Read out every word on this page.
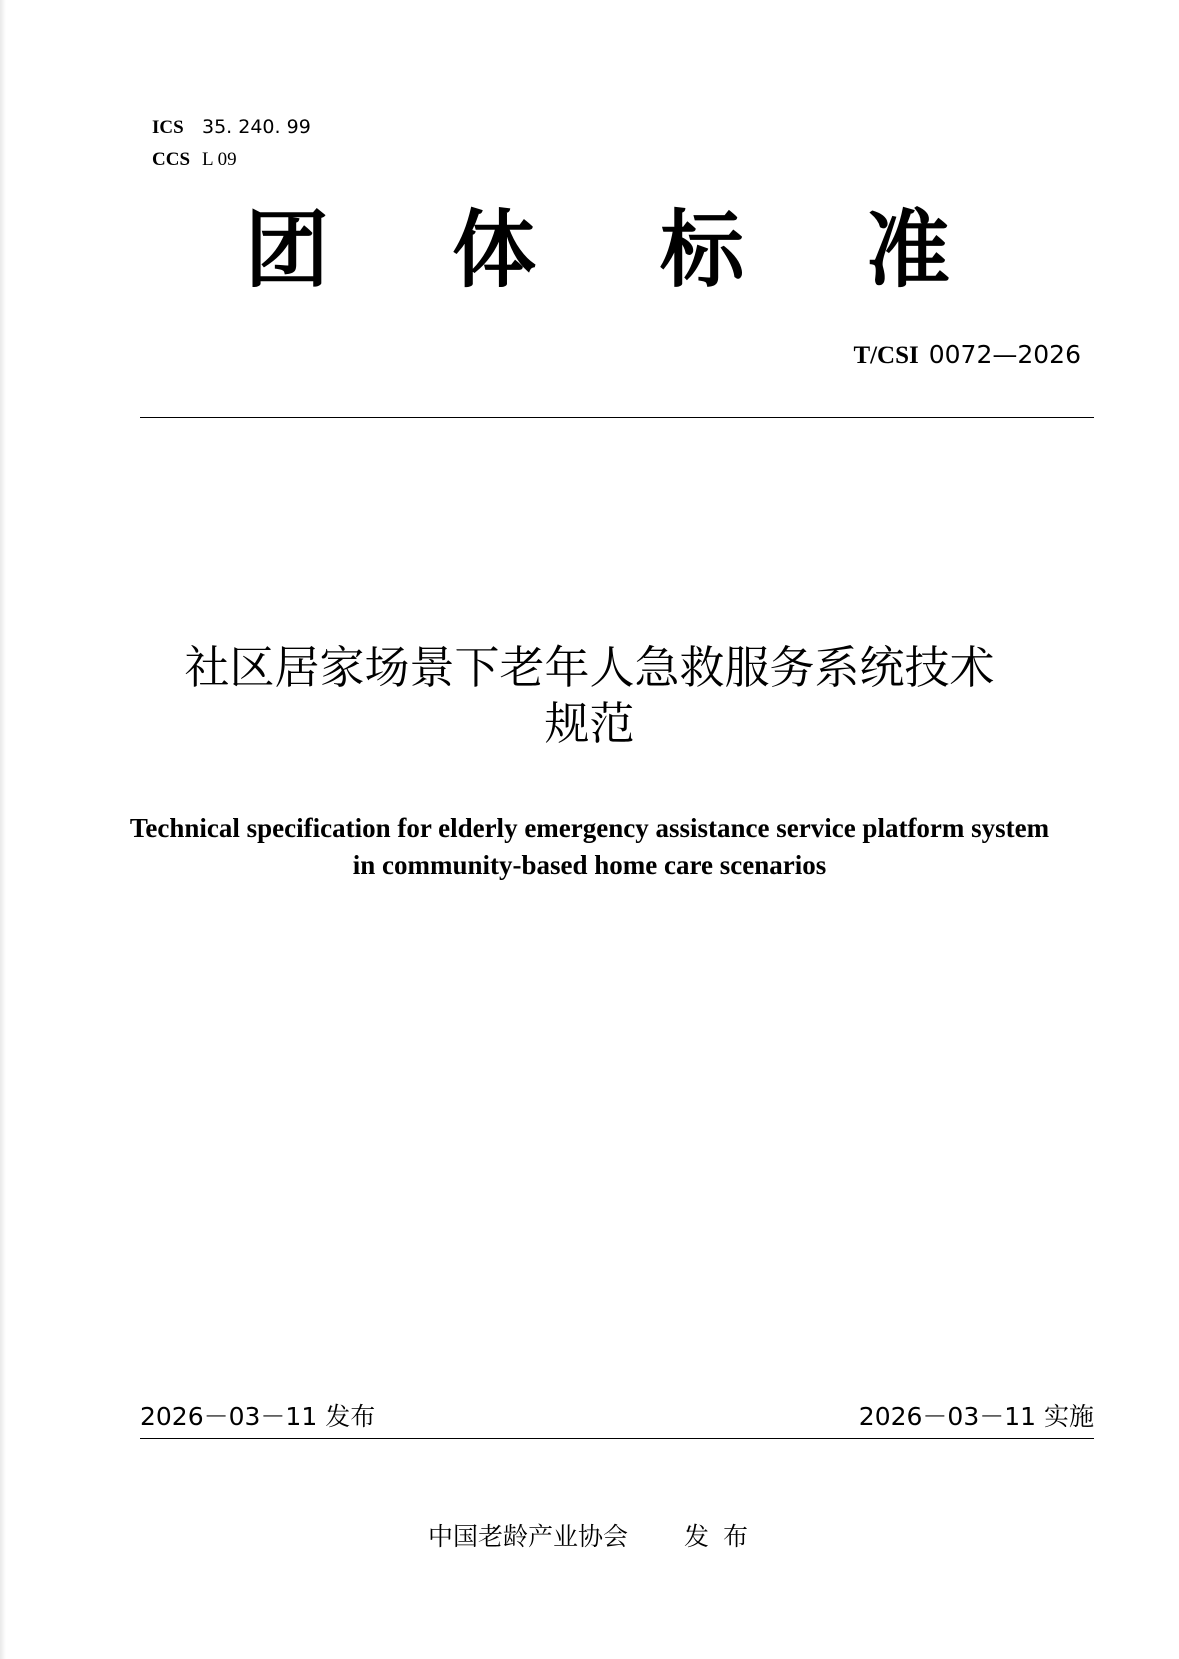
ICS 35. 240. 99
CCS L 09
团 体 标 准
T/CSI 0072—2026
社区居家场景下老年人急救服务系统技术
规范
Technical specification for elderly emergency assistance service platform system
in community-based home care scenarios
2026－03－11 发布	2026－03－11 实施
中国老龄产业协会 发布
